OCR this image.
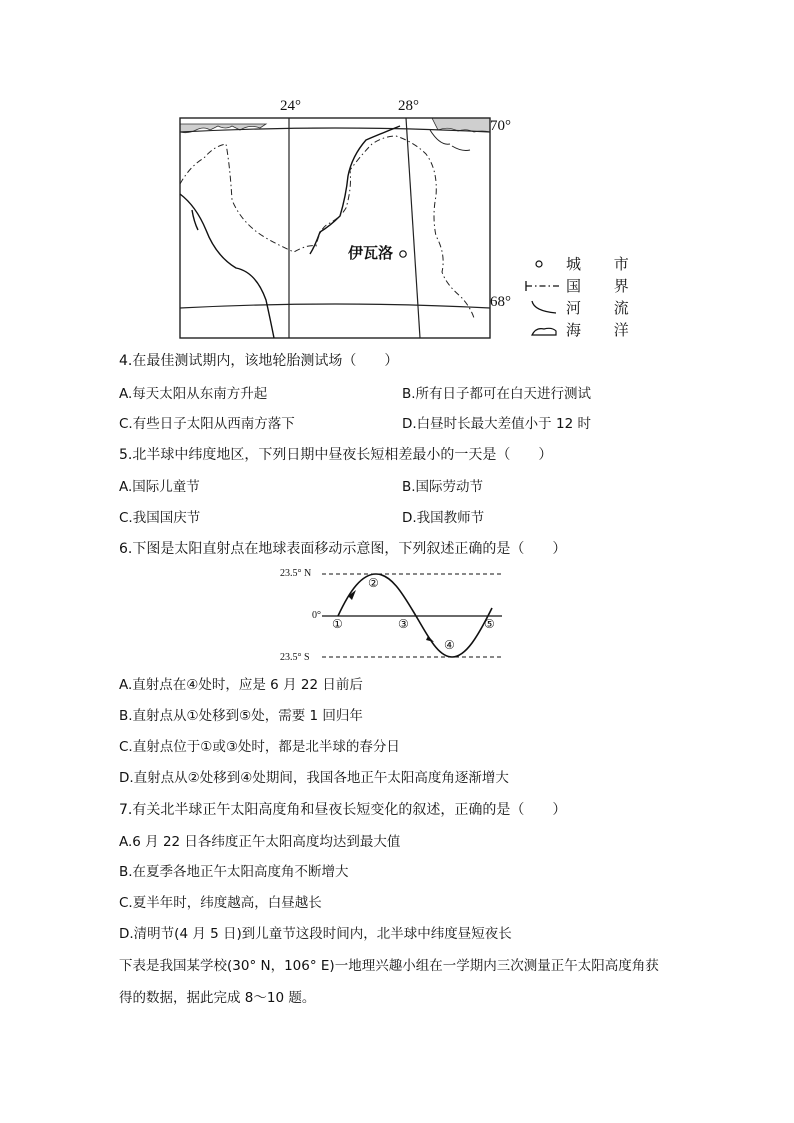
24°	28°
70°
68°
伊瓦洛
城 市
国 界
河 流
海 洋
4.在最佳测试期内，该地轮胎测试场（　　）
A.每天太阳从东南方升起	B.所有日子都可在白天进行测试
C.有些日子太阳从西南方落下	D.白昼时长最大差值小于 12 时
5.北半球中纬度地区，下列日期中昼夜长短相差最小的一天是（　　）
A.国际儿童节	B.国际劳动节
C.我国国庆节	D.我国教师节
6.下图是太阳直射点在地球表面移动示意图，下列叙述正确的是（　　）
23.5° N
0°
23.5° S
①
②
③
④
⑤
A.直射点在④处时，应是 6 月 22 日前后
B.直射点从①处移到⑤处，需要 1 回归年
C.直射点位于①或③处时，都是北半球的春分日
D.直射点从②处移到④处期间，我国各地正午太阳高度角逐渐增大
7.有关北半球正午太阳高度角和昼夜长短变化的叙述，正确的是（　　）
A.6 月 22 日各纬度正午太阳高度均达到最大值
B.在夏季各地正午太阳高度角不断增大
C.夏半年时，纬度越高，白昼越长
D.清明节(4 月 5 日)到儿童节这段时间内，北半球中纬度昼短夜长
下表是我国某学校(30° N，106° E)一地理兴趣小组在一学期内三次测量正午太阳高度角获
得的数据，据此完成 8～10 题。
